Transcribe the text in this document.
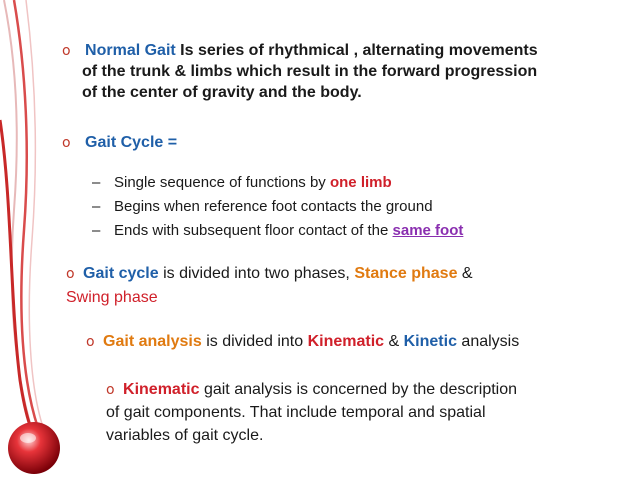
o Normal Gait Is series of rhythmical , alternating movements
of the trunk & limbs which result in the forward progression
of the center of gravity and the body.
o Gait Cycle =
– Single sequence of functions by one limb
– Begins when reference foot contacts the ground
– Ends with subsequent floor contact of the same foot
o Gait cycle is divided into two phases, Stance phase &
Swing phase
o Gait analysis is divided into Kinematic & Kinetic analysis
o Kinematic gait analysis is concerned by the description
of gait components. That include temporal and spatial
variables of gait cycle.
